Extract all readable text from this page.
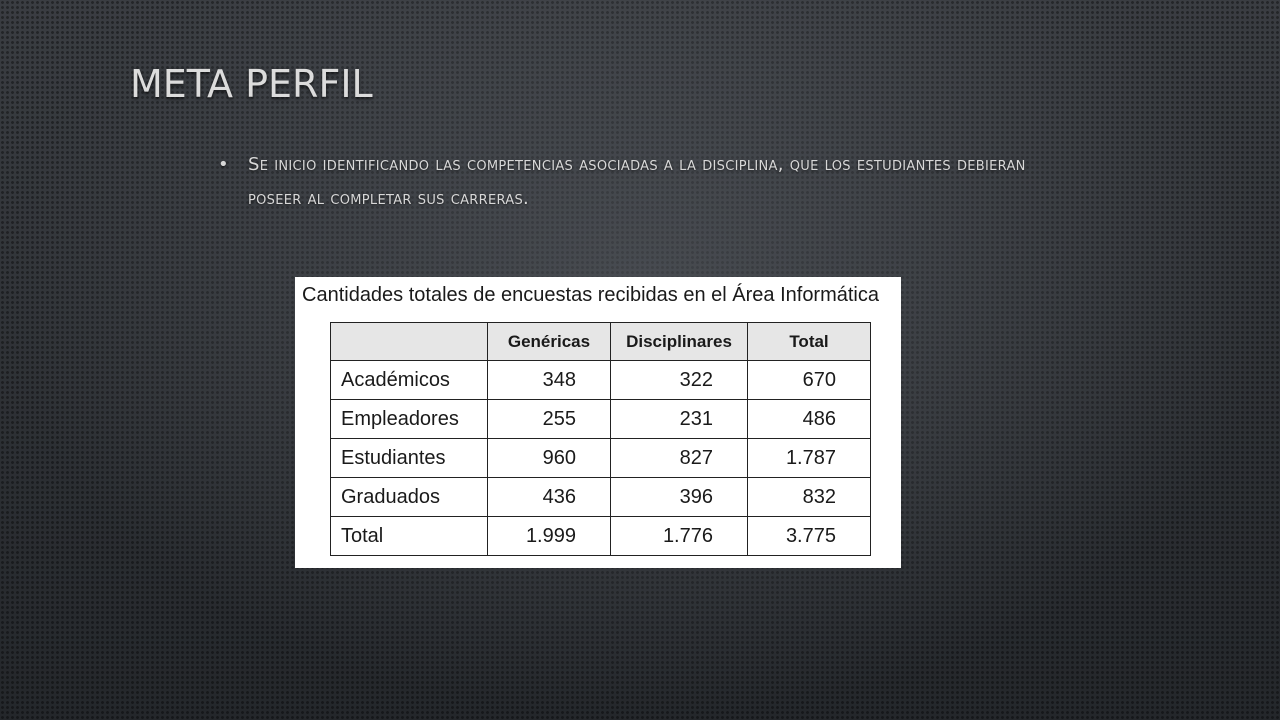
META PERFIL
• Se inicio identificando las competencias asociadas a la disciplina, que los estudiantes debieran poseer al completar sus carreras.
Cantidades totales de encuestas recibidas en el Área Informática
	Genéricas	Disciplinares	Total
Académicos	348	322	670
Empleadores	255	231	486
Estudiantes	960	827	1.787
Graduados	436	396	832
Total	1.999	1.776	3.775
